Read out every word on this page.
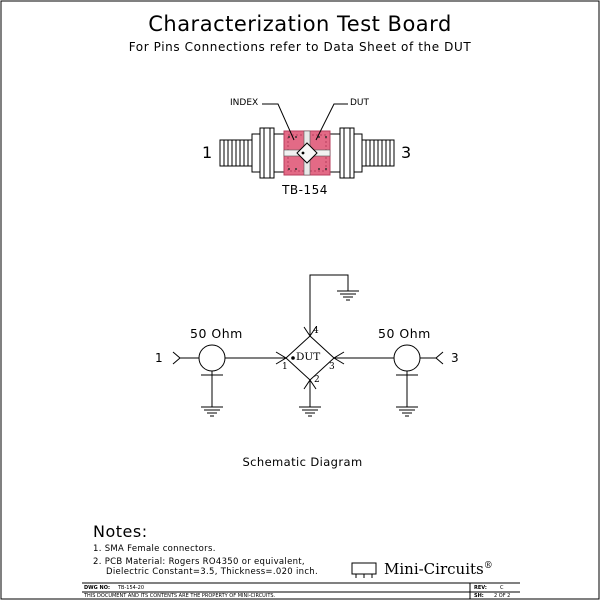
Characterization Test Board
For Pins Connections refer to Data Sheet of the DUT
INDEX	DUT
1	3
TB-154
50 Ohm	50 Ohm
1	3
DUT
1
2
3
4
Schematic Diagram
Notes:
1. SMA Female connectors.
2. PCB Material: Rogers RO4350 or equivalent,
Dielectric Constant=3.5, Thickness=.020 inch.	Mini-Circuits®
DWG NO: TB-154-20
THIS DOCUMENT AND ITS CONTENTS ARE THE PROPERTY OF MINI-CIRCUITS.
REV:	C
SH: 2 OF 2
